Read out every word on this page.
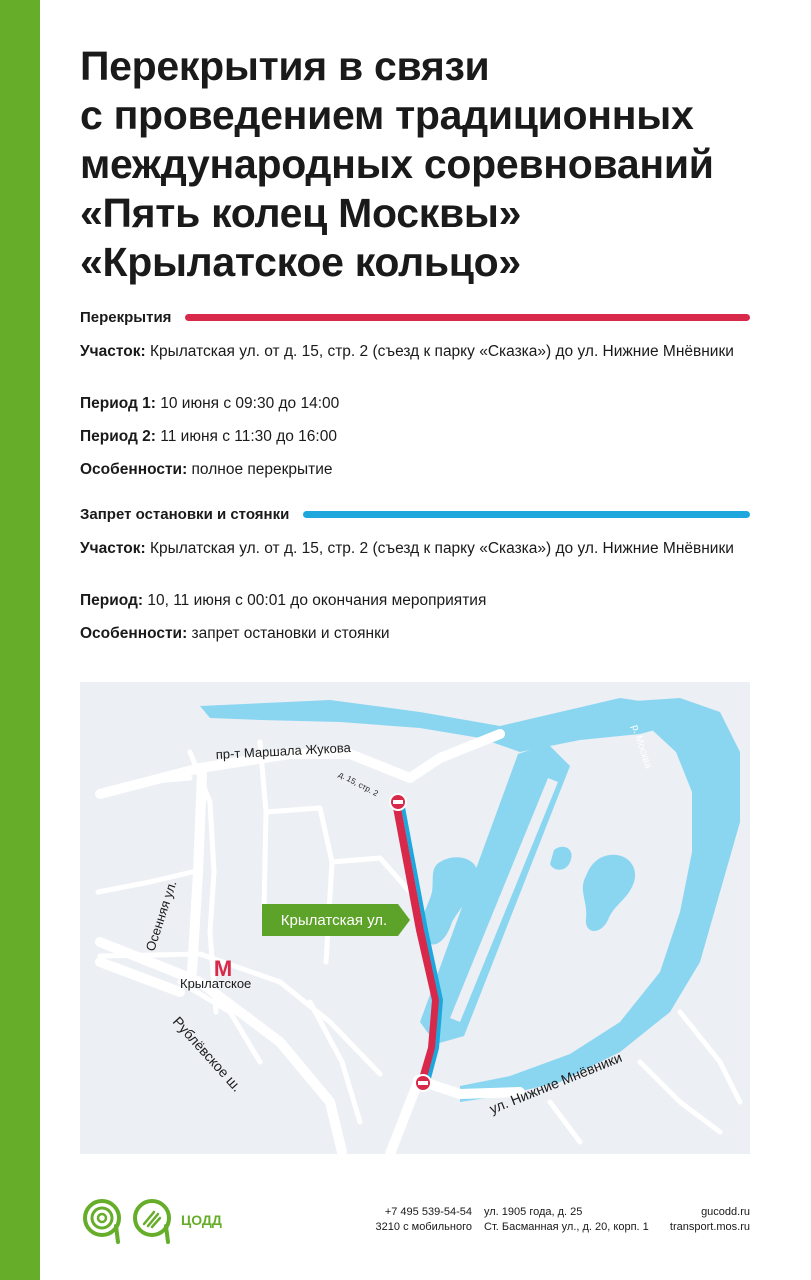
Перекрытия в связи
с проведением традиционных
международных соревнований
«Пять колец Москвы»
«Крылатское кольцо»
Перекрытия
Участок: Крылатская ул. от д. 15, стр. 2 (съезд к парку «Сказка») до ул. Нижние Мнёвники
Период 1: 10 июня с 09:30 до 14:00
Период 2: 11 июня с 11:30 до 16:00
Особенности: полное перекрытие
Запрет остановки и стоянки
Участок: Крылатская ул. от д. 15, стр. 2 (съезд к парку «Сказка») до ул. Нижние Мнёвники
Период: 10, 11 июня с 00:01 до окончания мероприятия
Особенности: запрет остановки и стоянки
М
Крылатская ул.
пр-т Маршала Жукова
д. 15, стр. 2
р. Москва
Осенняя ул.
Крылатское
Рублёвское ш.	ул. Нижние Мнёвники
ЦОДД	+7 495 539-54-54
3210 с мобильного
ул. 1905 года, д. 25
Ст. Басманная ул., д. 20, корп. 1
gucodd.ru
transport.mos.ru
